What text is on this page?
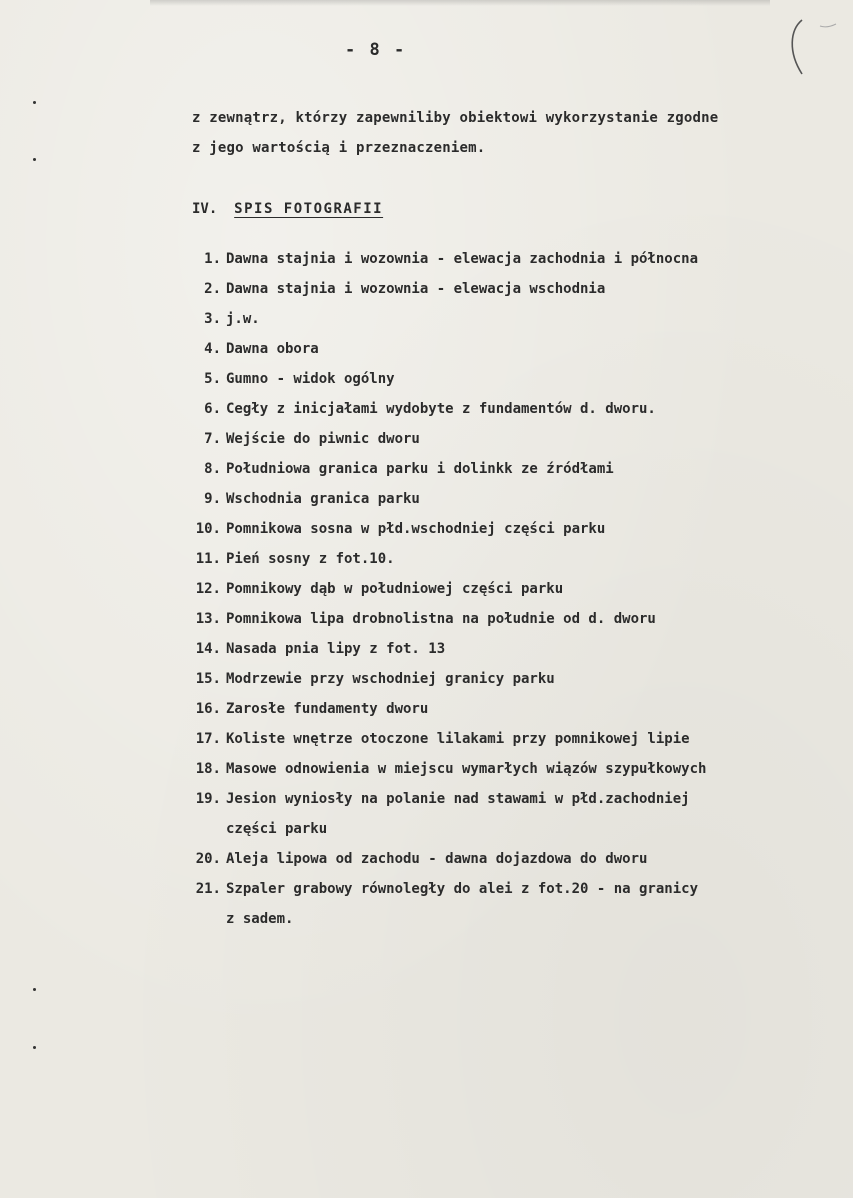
- 8 -
z zewnątrz, którzy zapewniliby obiektowi wykorzystanie zgodne
z jego wartością i przeznaczeniem.
IV. SPIS FOTOGRAFII
1. Dawna stajnia i wozownia - elewacja zachodnia i północna
2. Dawna stajnia i wozownia - elewacja wschodnia
3. j.w.
4. Dawna obora
5. Gumno - widok ogólny
6. Cegły z inicjałami wydobyte z fundamentów d. dworu.
7. Wejście do piwnic dworu
8. Południowa granica parku i dolinkk ze źródłami
9. Wschodnia granica parku
10. Pomnikowa sosna w płd.wschodniej części parku
11. Pień sosny z fot.10.
12. Pomnikowy dąb w południowej części parku
13. Pomnikowa lipa drobnolistna na południe od d. dworu
14. Nasada pnia lipy z fot. 13
15. Modrzewie przy wschodniej granicy parku
16. Zarosłe fundamenty dworu
17. Koliste wnętrze otoczone lilakami przy pomnikowej lipie
18. Masowe odnowienia w miejscu wymarłych wiązów szypułkowych
19. Jesion wyniosły na polanie nad stawami w płd.zachodniej
części parku
20. Aleja lipowa od zachodu - dawna dojazdowa do dworu
21. Szpaler grabowy równoległy do alei z fot.20 - na granicy
z sadem.
